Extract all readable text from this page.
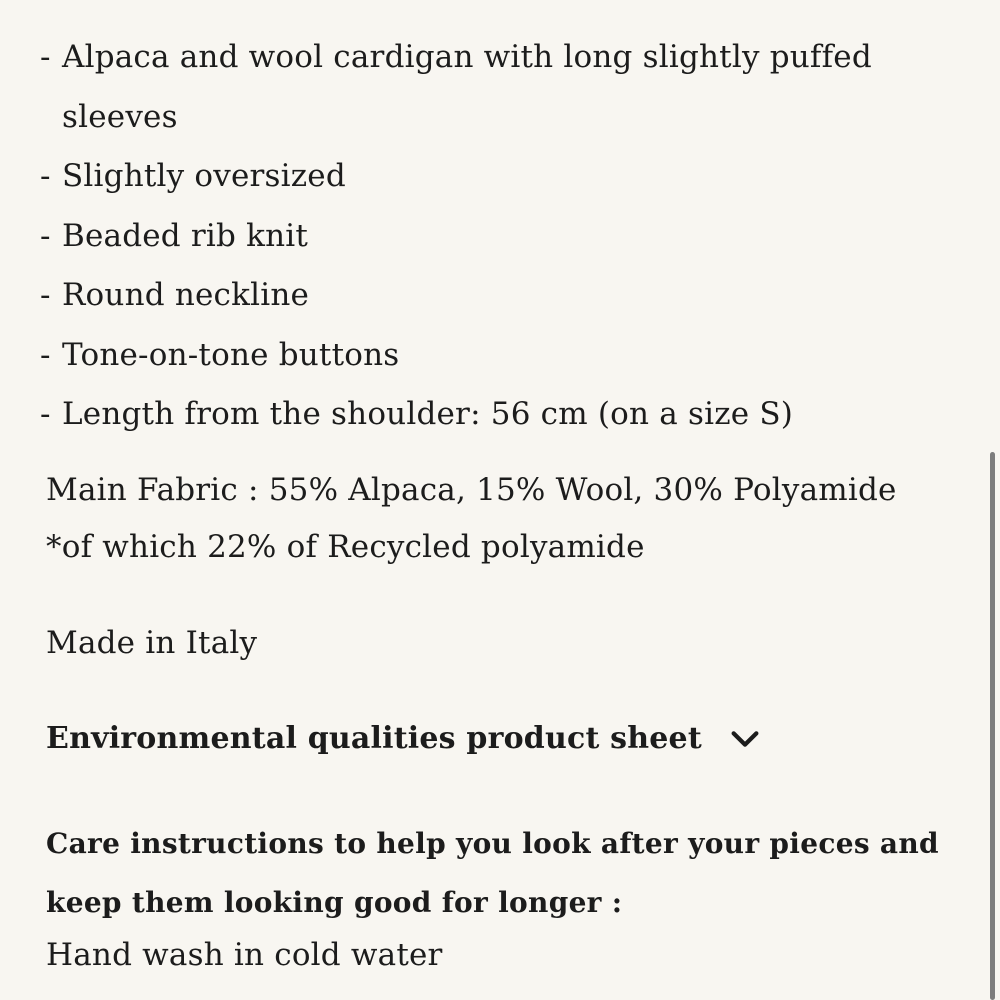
- Alpaca and wool cardigan with long slightly puffed sleeves
- Slightly oversized
- Beaded rib knit
- Round neckline
- Tone-on-tone buttons
- Length from the shoulder: 56 cm (on a size S)
Main Fabric : 55% Alpaca, 15% Wool, 30% Polyamide
*of which 22% of Recycled polyamide
Made in Italy
Environmental qualities product sheet
Care instructions to help you look after your pieces and keep them looking good for longer :
Hand wash in cold water
